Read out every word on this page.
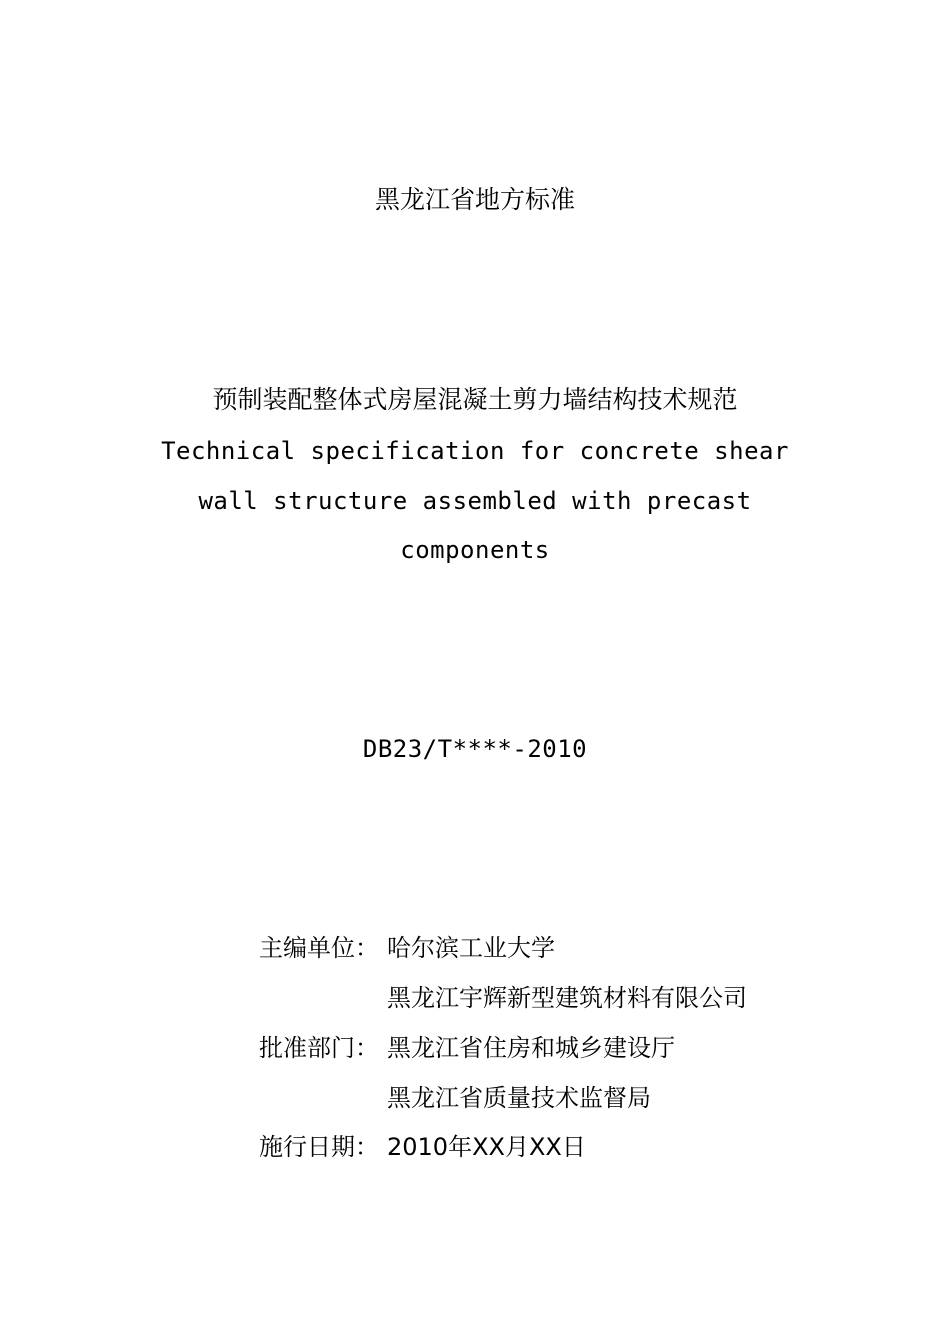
黑龙江省地方标准
预制装配整体式房屋混凝土剪力墙结构技术规范
Technical specification for concrete shear
wall structure assembled with precast
components
DB23/T****-2010
主编单位： 哈尔滨工业大学
黑龙江宇辉新型建筑材料有限公司
批准部门： 黑龙江省住房和城乡建设厅
黑龙江省质量技术监督局
施行日期： 2010年XX月XX日
